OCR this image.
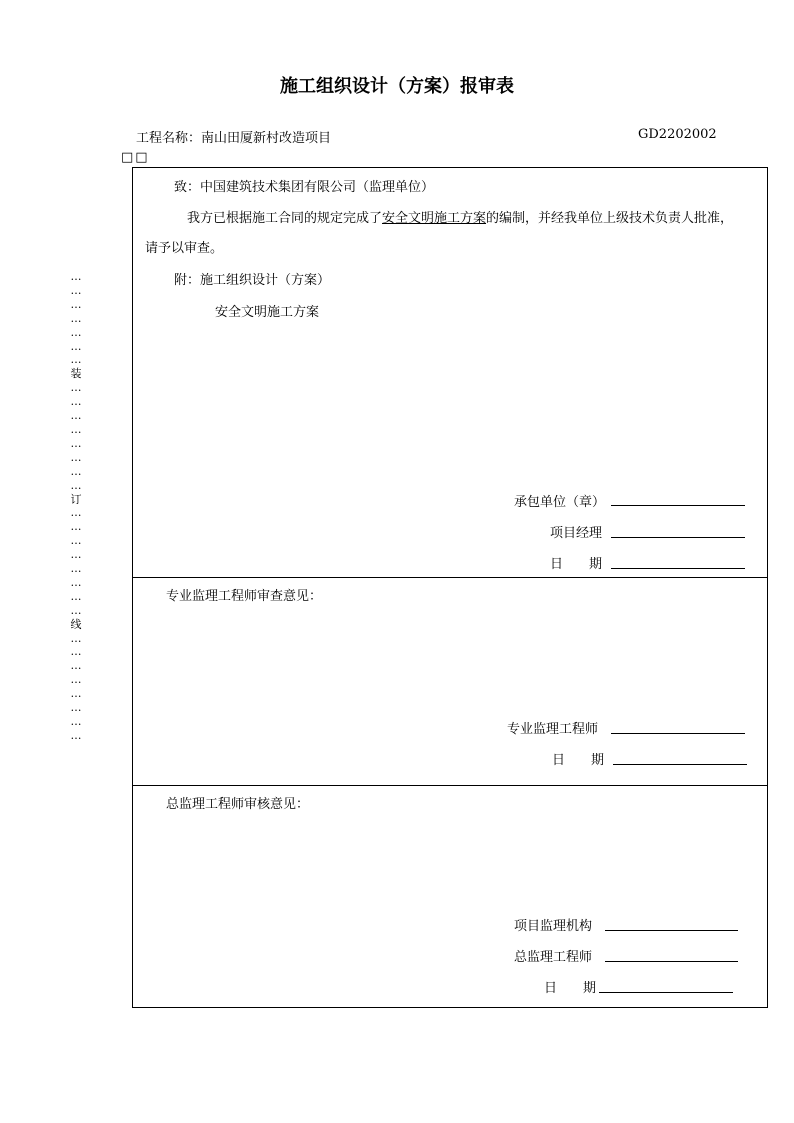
施工组织设计（方案）报审表
工程名称：南山田厦新村改造项目	GD2202002
□□
…
…
…
…
…
…
…
装
…
…
…
…
…
…
…
…
订
…
…
…
…
…
…
…
…
线
…
…
…
…
…
…
…
…
致：中国建筑技术集团有限公司（监理单位）
我方已根据施工合同的规定完成了安全文明施工方案的编制，并经我单位上级技术负责人批准，
请予以审查。
附：施工组织设计（方案）
安全文明施工方案
承包单位（章）
项目经理
日　　期
专业监理工程师审查意见：
专业监理工程师
日　　期
总监理工程师审核意见：
项目监理机构
总监理工程师
日　　期
